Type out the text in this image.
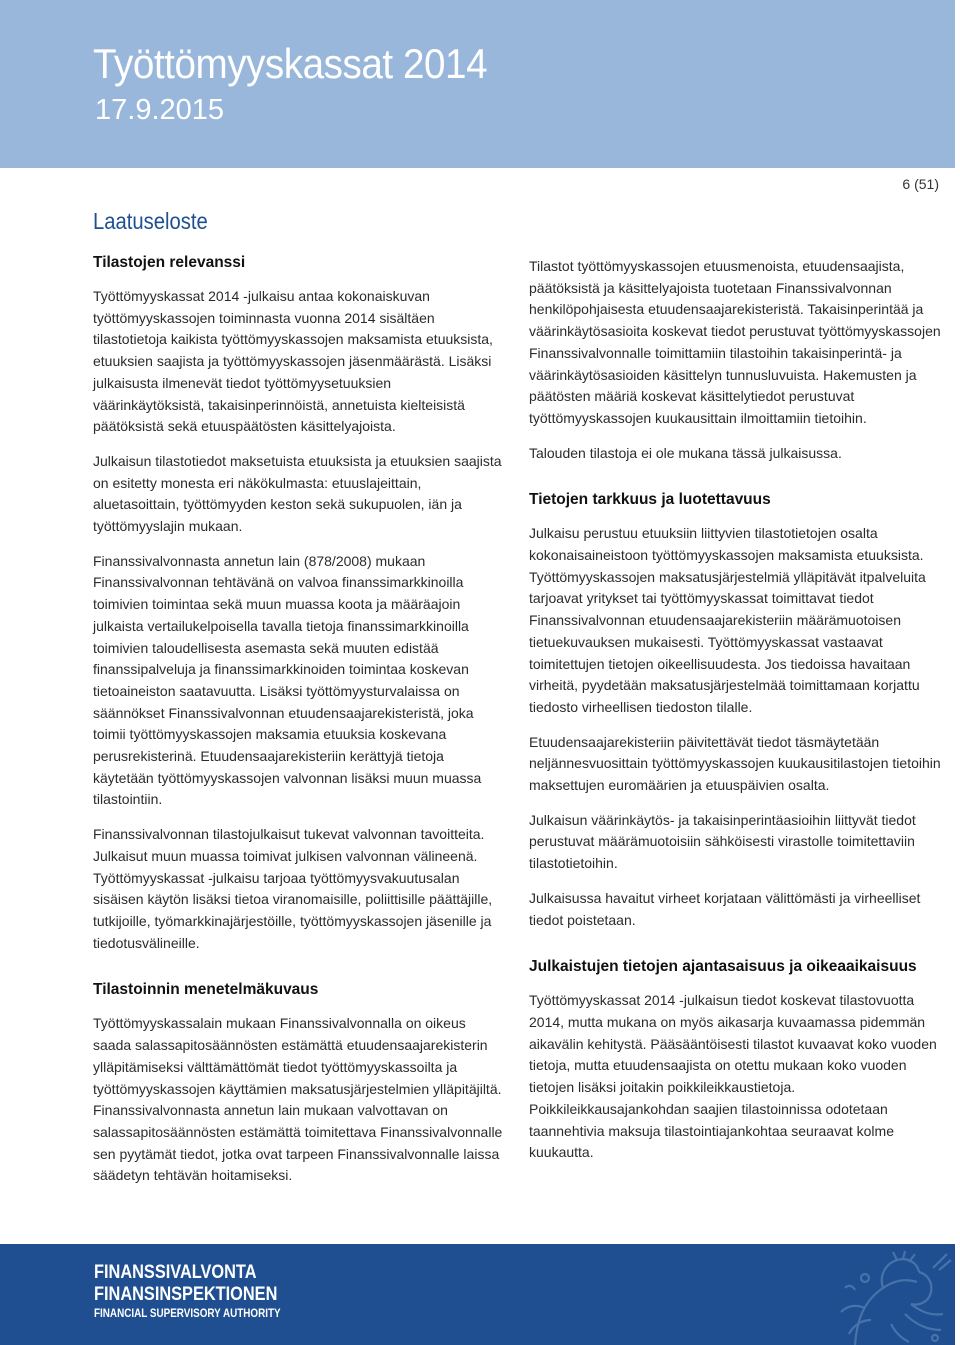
Työttömyyskassat 2014
17.9.2015
6 (51)
Laatuseloste
Tilastojen relevanssi

Työttömyyskassat 2014 -julkaisu antaa kokonaiskuvan työttömyyskassojen toiminnasta vuonna 2014 sisältäen tilastotietoja kaikista työttömyyskassojen maksamista etuuksista, etuuksien saajista ja työttömyyskassojen jäsenmäärästä. Lisäksi julkaisusta ilmenevät tiedot työttömyysetuuksien väärinkäytöksistä, takaisinperinnöistä, annetuista kielteisistä päätöksistä sekä etuuspäätösten käsittelyajoista.

Julkaisun tilastotiedot maksetuista etuuksista ja etuuksien saajista on esitetty monesta eri näkökulmasta: etuuslajeittain, aluetasoittain, työttömyyden keston sekä sukupuolen, iän ja työttömyyslajin mukaan.

Finanssivalvonnasta annetun lain (878/2008) mukaan Finanssivalvonnan tehtävänä on valvoa finanssimarkkinoilla toimivien toimintaa sekä muun muassa koota ja määräajoin julkaista vertailukelpoisella tavalla tietoja finanssimarkkinoilla toimivien taloudellisesta asemasta sekä muuten edistää finanssipalveluja ja finanssimarkkinoiden toimintaa koskevan tietoaineiston saatavuutta. Lisäksi työttömyysturvalaissa on säännökset Finanssivalvonnan etuudensaajarekisteristä, joka toimii työttömyyskassojen maksamia etuuksia koskevana perusrekisterinä. Etuudensaajarekisteriin kerättyjä tietoja käytetään työttömyyskassojen valvonnan lisäksi muun muassa tilastointiin.

Finanssivalvonnan tilastojulkaisut tukevat valvonnan tavoitteita. Julkaisut muun muassa toimivat julkisen valvonnan välineenä. Työttömyyskassat -julkaisu tarjoaa työttömyysvakuutusalan sisäisen käytön lisäksi tietoa viranomaisille, poliittisille päättäjille, tutkijoille, työmarkkinajärjestöille, työttömyyskassojen jäsenille ja tiedotusvälineille.

Tilastoinnin menetelmäkuvaus

Työttömyyskassalain mukaan Finanssivalvonnalla on oikeus saada salassapitosäännösten estämättä etuudensaajarekisterin ylläpitämiseksi välttämättömät tiedot työttömyyskassoilta ja työttömyyskassojen käyttämien maksatusjärjestelmien ylläpitäjiltä. Finanssivalvonnasta annetun lain mukaan valvottavan on salassapitosäännösten estämättä toimitettava Finanssivalvonnalle sen pyytämät tiedot, jotka ovat tarpeen Finanssivalvonnalle laissa säädetyn tehtävän hoitamiseksi.

Tilastot työttömyyskassojen etuusmenoista, etuudensaajista, päätöksistä ja käsittelyajoista tuotetaan Finanssivalvonnan henkilöpohjaisesta etuudensaajarekisteristä. Takaisinperintää ja väärinkäytösasioita koskevat tiedot perustuvat työttömyyskassojen Finanssivalvonnalle toimittamiin tilastoihin takaisinperintä- ja väärinkäytösasioiden käsittelyn tunnusluvuista. Hakemusten ja päätösten määriä koskevat käsittelytiedot perustuvat työttömyyskassojen kuukausittain ilmoittamiin tietoihin.

Talouden tilastoja ei ole mukana tässä julkaisussa.

Tietojen tarkkuus ja luotettavuus

Julkaisu perustuu etuuksiin liittyvien tilastotietojen osalta kokonaisaineistoon työttömyyskassojen maksamista etuuksista. Työttömyyskassojen maksatusjärjestelmiä ylläpitävät itpalveluita tarjoavat yritykset tai työttömyyskassat toimittavat tiedot Finanssivalvonnan etuudensaajarekisteriin määrämuotoisen tietuekuvauksen mukaisesti. Työttömyyskassat vastaavat toimitettujen tietojen oikeellisuudesta. Jos tiedoissa havaitaan virheitä, pyydetään maksatusjärjestelmää toimittamaan korjattu tiedosto virheellisen tiedoston tilalle.

Etuudensaajarekisteriin päivitettävät tiedot täsmäytetään neljännesvuosittain työttömyyskassojen kuukausitilastojen tietoihin maksettujen euromäärien ja etuuspäivien osalta.

Julkaisun väärinkäytös- ja takaisinperintäasioihin liittyvät tiedot perustuvat määrämuotoisiin sähköisesti virastolle toimitettaviin tilastotietoihin.

Julkaisussa havaitut virheet korjataan välittömästi ja virheelliset tiedot poistetaan.

Julkaistujen tietojen ajantasaisuus ja oikeaaikaisuus

Työttömyyskassat 2014 -julkaisun tiedot koskevat tilastovuotta 2014, mutta mukana on myös aikasarja kuvaamassa pidemmän aikavälin kehitystä. Pääsääntöisesti tilastot kuvaavat koko vuoden tietoja, mutta etuudensaajista on otettu mukaan koko vuoden tietojen lisäksi joitakin poikkileikkaustietoja. Poikkileikkausajankohdan saajien tilastoinnissa odotetaan taannehtivia maksuja tilastointiajankohtaa seuraavat kolme kuukautta.

FINANSSIVALVONTA
FINANSINSPEKTIONEN
FINANCIAL SUPERVISORY AUTHORITY
